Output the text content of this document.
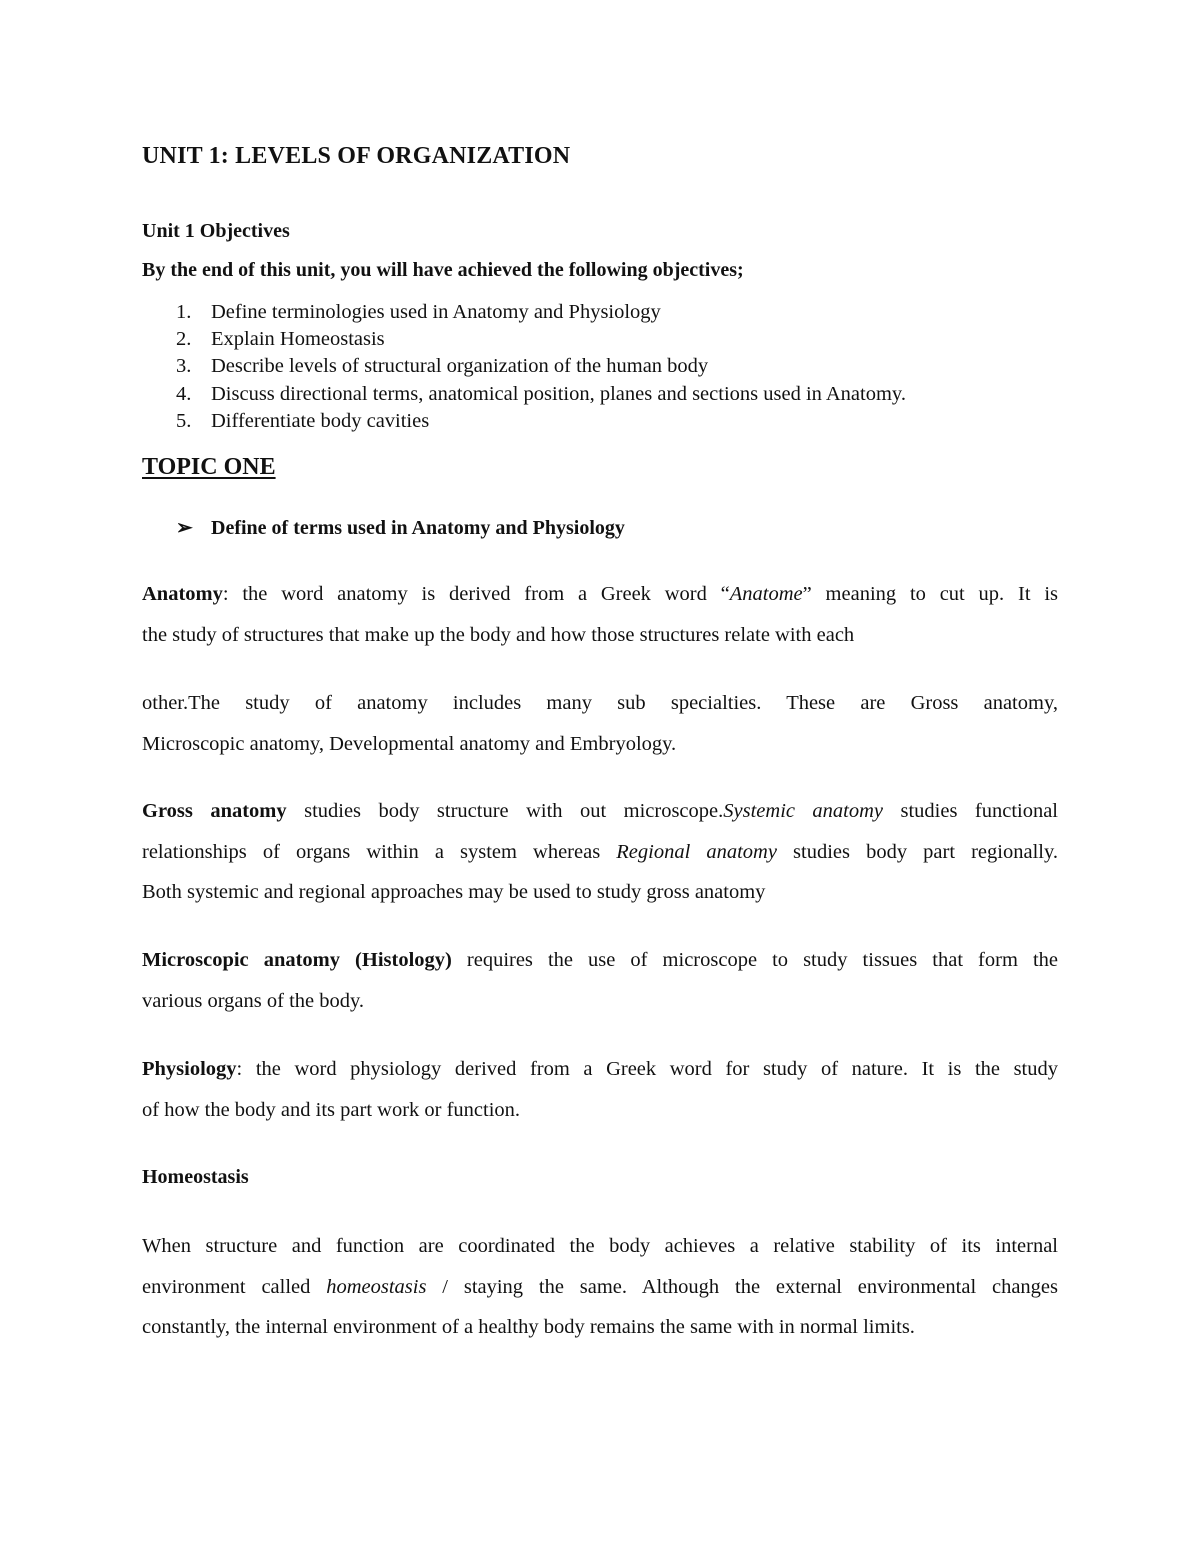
UNIT 1: LEVELS OF ORGANIZATION
Unit 1 Objectives
By the end of this unit, you will have achieved the following objectives;
1. Define terminologies used in Anatomy and Physiology
2. Explain Homeostasis
3. Describe levels of structural organization of the human body
4. Discuss directional terms, anatomical position, planes and sections used in Anatomy.
5. Differentiate body cavities
TOPIC ONE
➢ Define of terms used in Anatomy and Physiology
Anatomy: the word anatomy is derived from a Greek word “Anatome” meaning to cut up. It is
the study of structures that make up the body and how those structures relate with each
other.The study of anatomy includes many sub specialties. These are Gross anatomy,
Microscopic anatomy, Developmental anatomy and Embryology.
Gross anatomy studies body structure with out microscope.Systemic anatomy studies functional
relationships of organs within a system whereas Regional anatomy studies body part regionally.
Both systemic and regional approaches may be used to study gross anatomy
Microscopic anatomy (Histology) requires the use of microscope to study tissues that form the
various organs of the body.
Physiology: the word physiology derived from a Greek word for study of nature. It is the study
of how the body and its part work or function.
Homeostasis
When structure and function are coordinated the body achieves a relative stability of its internal
environment called homeostasis / staying the same. Although the external environmental changes
constantly, the internal environment of a healthy body remains the same with in normal limits.
